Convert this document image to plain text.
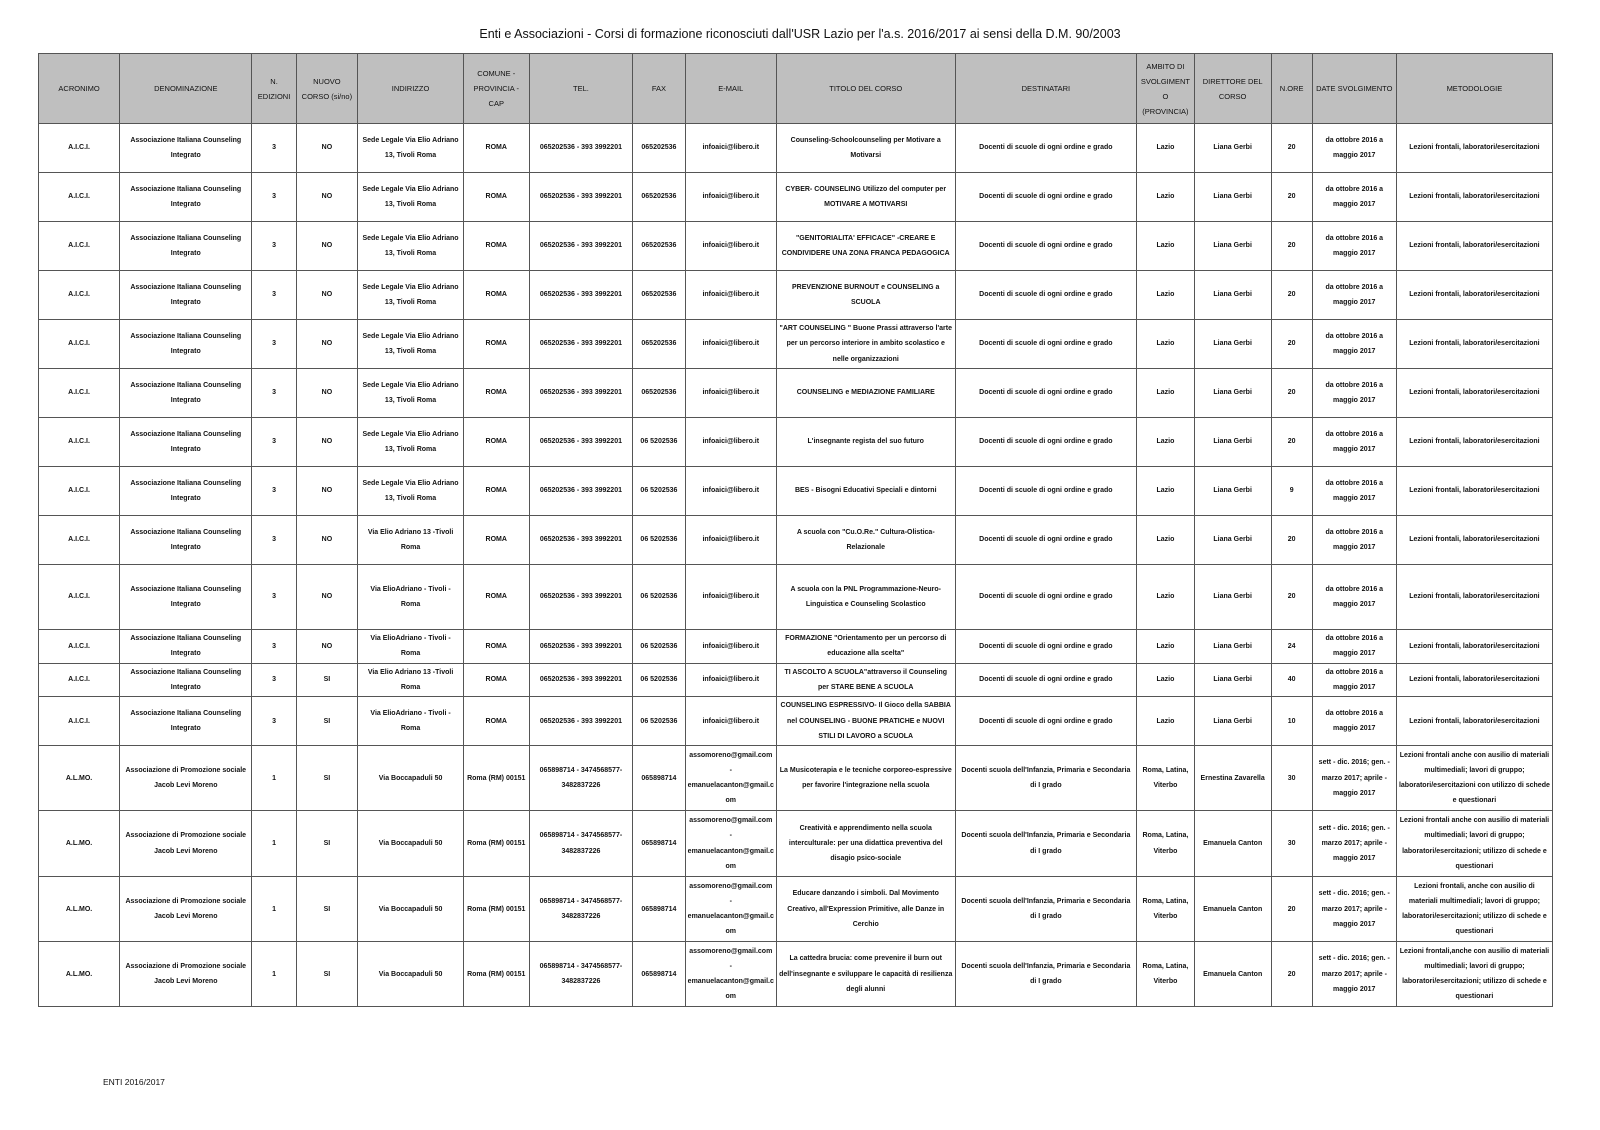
Enti e Associazioni - Corsi di formazione riconosciuti dall'USR Lazio per l'a.s. 2016/2017 ai sensi della D.M. 90/2003
ACRONIMO	DENOMINAZIONE	N. EDIZIONI	NUOVO CORSO (si/no)	INDIRIZZO	COMUNE - PROVINCIA - CAP	TEL.	FAX	E-MAIL	TITOLO DEL CORSO	DESTINATARI	AMBITO DI SVOLGIMENTO (PROVINCIA)	DIRETTORE DEL CORSO	N.ORE	DATE SVOLGIMENTO	METODOLOGIE
A.I.C.I.	Associazione Italiana Counseling Integrato	3	NO	Sede Legale Via Elio Adriano 13, Tivoli Roma	ROMA	065202536 - 393 3992201	065202536	infoaici@libero.it	Counseling-Schoolcounseling per Motivare a Motivarsi	Docenti di scuole di ogni ordine e grado	Lazio	Liana Gerbi	20	da ottobre 2016 a maggio 2017	Lezioni frontali, laboratori/esercitazioni
A.I.C.I.	Associazione Italiana Counseling Integrato	3	NO	Sede Legale Via Elio Adriano 13, Tivoli Roma	ROMA	065202536 - 393 3992201	065202536	infoaici@libero.it	CYBER- COUNSELING Utilizzo del computer per MOTIVARE A MOTIVARSI	Docenti di scuole di ogni ordine e grado	Lazio	Liana Gerbi	20	da ottobre 2016 a maggio 2017	Lezioni frontali, laboratori/esercitazioni
A.I.C.I.	Associazione Italiana Counseling Integrato	3	NO	Sede Legale Via Elio Adriano 13, Tivoli Roma	ROMA	065202536 - 393 3992201	065202536	infoaici@libero.it	"GENITORIALITA' EFFICACE" -CREARE E CONDIVIDERE UNA ZONA FRANCA PEDAGOGICA	Docenti di scuole di ogni ordine e grado	Lazio	Liana Gerbi	20	da ottobre 2016 a maggio 2017	Lezioni frontali, laboratori/esercitazioni
A.I.C.I.	Associazione Italiana Counseling Integrato	3	NO	Sede Legale Via Elio Adriano 13, Tivoli Roma	ROMA	065202536 - 393 3992201	065202536	infoaici@libero.it	PREVENZIONE BURNOUT e COUNSELING a SCUOLA	Docenti di scuole di ogni ordine e grado	Lazio	Liana Gerbi	20	da ottobre 2016 a maggio 2017	Lezioni frontali, laboratori/esercitazioni
A.I.C.I.	Associazione Italiana Counseling Integrato	3	NO	Sede Legale Via Elio Adriano 13, Tivoli Roma	ROMA	065202536 - 393 3992201	065202536	infoaici@libero.it	"ART COUNSELING " Buone Prassi attraverso l'arte per un percorso interiore in ambito scolastico e nelle organizzazioni	Docenti di scuole di ogni ordine e grado	Lazio	Liana Gerbi	20	da ottobre 2016 a maggio 2017	Lezioni frontali, laboratori/esercitazioni
A.I.C.I.	Associazione Italiana Counseling Integrato	3	NO	Sede Legale Via Elio Adriano 13, Tivoli Roma	ROMA	065202536 - 393 3992201	065202536	infoaici@libero.it	COUNSELING e MEDIAZIONE FAMILIARE	Docenti di scuole di ogni ordine e grado	Lazio	Liana Gerbi	20	da ottobre 2016 a maggio 2017	Lezioni frontali, laboratori/esercitazioni
A.I.C.I.	Associazione Italiana Counseling Integrato	3	NO	Sede Legale Via Elio Adriano 13, Tivoli Roma	ROMA	065202536 - 393 3992201	06 5202536	infoaici@libero.it	L'insegnante regista del suo futuro	Docenti di scuole di ogni ordine e grado	Lazio	Liana Gerbi	20	da ottobre 2016 a maggio 2017	Lezioni frontali, laboratori/esercitazioni
A.I.C.I.	Associazione Italiana Counseling Integrato	3	NO	Sede Legale Via Elio Adriano 13, Tivoli Roma	ROMA	065202536 - 393 3992201	06 5202536	infoaici@libero.it	BES - Bisogni Educativi Speciali e dintorni	Docenti di scuole di ogni ordine e grado	Lazio	Liana Gerbi	9	da ottobre 2016 a maggio 2017	Lezioni frontali, laboratori/esercitazioni
A.I.C.I.	Associazione Italiana Counseling Integrato	3	NO	Via Elio Adriano 13 -Tivoli Roma	ROMA	065202536 - 393 3992201	06 5202536	infoaici@libero.it	A scuola con "Cu.O.Re." Cultura-Olistica-Relazionale	Docenti di scuole di ogni ordine e grado	Lazio	Liana Gerbi	20	da ottobre 2016 a maggio 2017	Lezioni frontali, laboratori/esercitazioni
A.I.C.I.	Associazione Italiana Counseling Integrato	3	NO	Via ElioAdriano - Tivoli - Roma	ROMA	065202536 - 393 3992201	06 5202536	infoaici@libero.it	A scuola con la PNL Programmazione-Neuro-Linguistica e Counseling Scolastico	Docenti di scuole di ogni ordine e grado	Lazio	Liana Gerbi	20	da ottobre 2016 a maggio 2017	Lezioni frontali, laboratori/esercitazioni
A.I.C.I.	Associazione Italiana Counseling Integrato	3	NO	Via ElioAdriano - Tivoli - Roma	ROMA	065202536 - 393 3992201	06 5202536	infoaici@libero.it	FORMAZIONE "Orientamento per un percorso di educazione alla scelta"	Docenti di scuole di ogni ordine e grado	Lazio	Liana Gerbi	24	da ottobre 2016 a maggio 2017	Lezioni frontali, laboratori/esercitazioni
A.I.C.I.	Associazione Italiana Counseling Integrato	3	SI	Via Elio Adriano 13 -Tivoli Roma	ROMA	065202536 - 393 3992201	06 5202536	infoaici@libero.it	TI ASCOLTO A SCUOLA"attraverso il Counseling per STARE BENE A SCUOLA	Docenti di scuole di ogni ordine e grado	Lazio	Liana Gerbi	40	da ottobre 2016 a maggio 2017	Lezioni frontali, laboratori/esercitazioni
A.I.C.I.	Associazione Italiana Counseling Integrato	3	SI	Via ElioAdriano - Tivoli - Roma	ROMA	065202536 - 393 3992201	06 5202536	infoaici@libero.it	COUNSELING ESPRESSIVO- Il Gioco della SABBIA nel COUNSELING - BUONE PRATICHE e NUOVI STILI DI LAVORO a SCUOLA	Docenti di scuole di ogni ordine e grado	Lazio	Liana Gerbi	10	da ottobre 2016 a maggio 2017	Lezioni frontali, laboratori/esercitazioni
A.L.MO.	Associazione di Promozione sociale Jacob Levi Moreno	1	SI	Via Boccapaduli 50	Roma (RM) 00151	065898714 - 3474568577- 3482837226	065898714	assomoreno@gmail.com - emanuelacanton@gmail.com	La Musicoterapia e le tecniche corporeo-espressive per favorire l'integrazione nella scuola	Docenti scuola dell'Infanzia, Primaria e Secondaria di I grado	Roma, Latina, Viterbo	Ernestina Zavarella	30	sett - dic. 2016; gen. - marzo 2017; aprile - maggio 2017	Lezioni frontali anche con ausilio di materiali multimediali; lavori di gruppo; laboratori/esercitazioni con utilizzo di schede e questionari
A.L.MO.	Associazione di Promozione sociale Jacob Levi Moreno	1	SI	Via Boccapaduli 50	Roma (RM) 00151	065898714 - 3474568577- 3482837226	065898714	assomoreno@gmail.com - emanuelacanton@gmail.com	Creatività e apprendimento nella scuola interculturale: per una didattica preventiva del disagio psico-sociale	Docenti scuola dell'Infanzia, Primaria e Secondaria di I grado	Roma, Latina, Viterbo	Emanuela Canton	30	sett - dic. 2016; gen. - marzo 2017; aprile - maggio 2017	Lezioni frontali anche con ausilio di materiali multimediali; lavori di gruppo; laboratori/esercitazioni; utilizzo di schede e questionari
A.L.MO.	Associazione di Promozione sociale Jacob Levi Moreno	1	SI	Via Boccapaduli 50	Roma (RM) 00151	065898714 - 3474568577- 3482837226	065898714	assomoreno@gmail.com - emanuelacanton@gmail.com	Educare danzando i simboli. Dal Movimento Creativo, all'Expression Primitive, alle Danze in Cerchio	Docenti scuola dell'Infanzia, Primaria e Secondaria di I grado	Roma, Latina, Viterbo	Emanuela Canton	20	sett - dic. 2016; gen. - marzo 2017; aprile - maggio 2017	Lezioni frontali, anche con ausilio di materiali multimediali; lavori di gruppo; laboratori/esercitazioni; utilizzo di schede e questionari
A.L.MO.	Associazione di Promozione sociale Jacob Levi Moreno	1	SI	Via Boccapaduli 50	Roma (RM) 00151	065898714 - 3474568577- 3482837226	065898714	assomoreno@gmail.com - emanuelacanton@gmail.com	La cattedra brucia: come prevenire il burn out dell'insegnante e sviluppare le capacità di resilienza degli alunni	Docenti scuola dell'Infanzia, Primaria e Secondaria di I grado	Roma, Latina, Viterbo	Emanuela Canton	20	sett - dic. 2016; gen. - marzo 2017; aprile - maggio 2017	Lezioni frontali,anche con ausilio di materiali multimediali; lavori di gruppo; laboratori/esercitazioni; utilizzo di schede e questionari
ENTI 2016/2017
